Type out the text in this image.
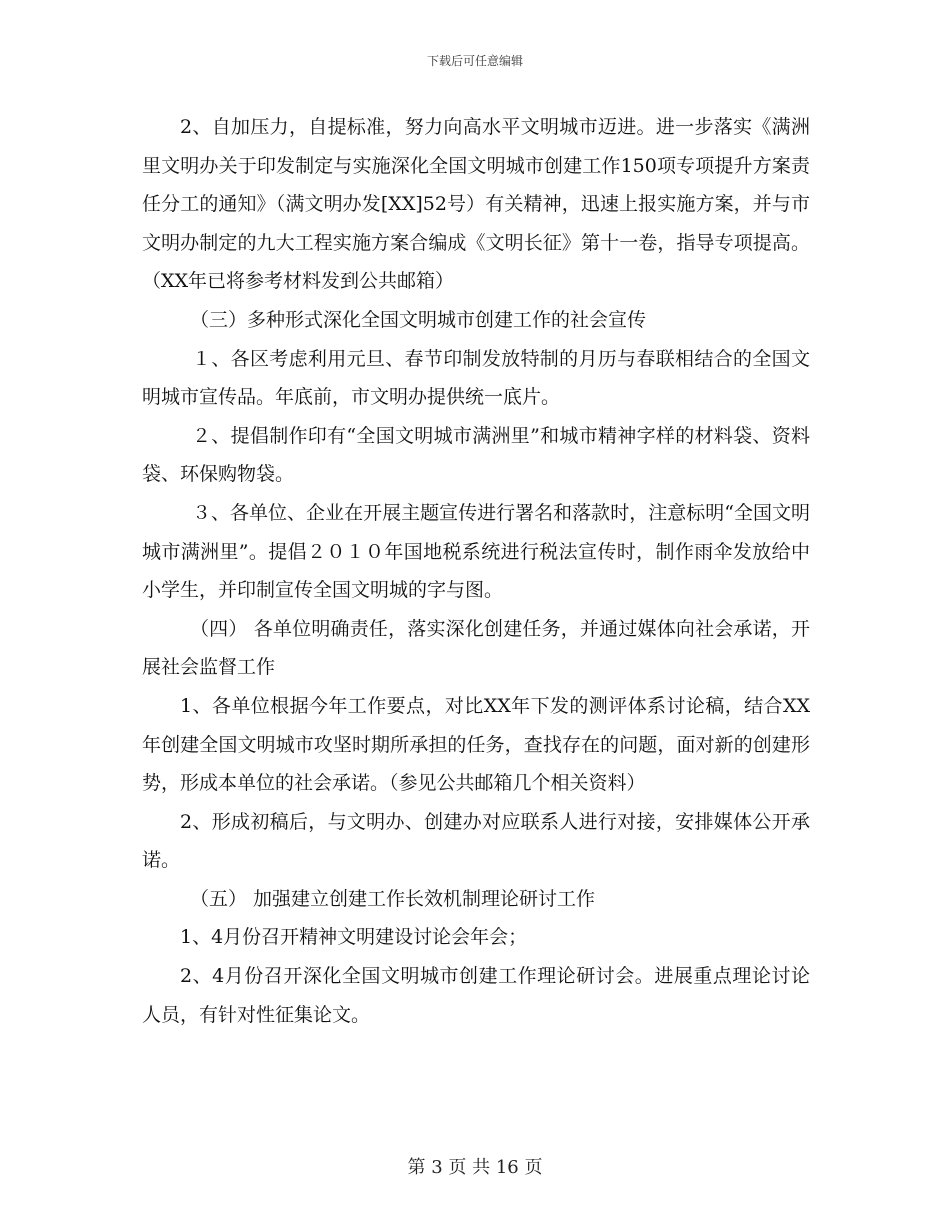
下载后可任意编辑

2、自加压力，自提标准，努力向高水平文明城市迈进。进一步落实《满洲里文明办关于印发制定与实施深化全国文明城市创建工作150项专项提升方案责任分工的通知》（满文明办发[XX]52号）有关精神，迅速上报实施方案，并与市文明办制定的九大工程实施方案合编成《文明长征》第十一卷，指导专项提高。（XX年已将参考材料发到公共邮箱）

（三）多种形式深化全国文明城市创建工作的社会宣传

１、各区考虑利用元旦、春节印制发放特制的月历与春联相结合的全国文明城市宣传品。年底前，市文明办提供统一底片。

２、提倡制作印有“全国文明城市满洲里”和城市精神字样的材料袋、资料袋、环保购物袋。

３、各单位、企业在开展主题宣传进行署名和落款时，注意标明“全国文明城市满洲里”。提倡２０１０年国地税系统进行税法宣传时，制作雨伞发放给中小学生，并印制宣传全国文明城的字与图。

（四） 各单位明确责任，落实深化创建任务，并通过媒体向社会承诺，开展社会监督工作

1、各单位根据今年工作要点，对比XX年下发的测评体系讨论稿，结合XX年创建全国文明城市攻坚时期所承担的任务，查找存在的问题，面对新的创建形势，形成本单位的社会承诺。（参见公共邮箱几个相关资料）

2、形成初稿后，与文明办、创建办对应联系人进行对接，安排媒体公开承诺。

（五） 加强建立创建工作长效机制理论研讨工作

1、4月份召开精神文明建设讨论会年会；

2、4月份召开深化全国文明城市创建工作理论研讨会。进展重点理论讨论人员，有针对性征集论文。

第 3 页 共 16 页
